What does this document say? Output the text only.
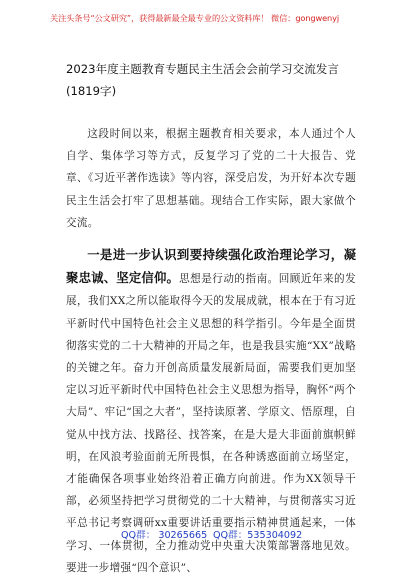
关注头条号“公文研究”，获得最新最全最专业的公文资料库！ 微信：gongwenyj
2023年度主题教育专题民主生活会会前学习交流发言(1819字)

这段时间以来，根据主题教育相关要求，本人通过个人自学、集体学习等方式，反复学习了党的二十大报告、党章、《习近平著作选读》等内容，深受启发，为开好本次专题民主生活会打牢了思想基础。现结合工作实际，跟大家做个交流。

一是进一步认识到要持续强化政治理论学习，凝聚忠诚、坚定信仰。思想是行动的指南。回顾近年来的发展，我们XX之所以能取得今天的发展成就，根本在于有习近平新时代中国特色社会主义思想的科学指引。今年是全面贯彻落实党的二十大精神的开局之年，也是我县实施“XX”战略的关键之年。奋力开创高质量发展新局面，需要我们更加坚定以习近平新时代中国特色社会主义思想为指导，胸怀“两个大局”、牢记“国之大者”，坚持读原著、学原文、悟原理，自觉从中找方法、找路径、找答案，在是大是大非面前旗帜鲜明，在风浪考验面前无所畏惧，在各种诱惑面前立场坚定，才能确保各项事业始终沿着正确方向前进。作为XX领导干部，必须坚持把学习贯彻党的二十大精神，与贯彻落实习近平总书记考察调研xx重要讲话重要指示精神贯通起来，一体学习、一体贯彻，全力推动党中央重大决策部署落地见效。要进一步增强“四个意识”、

QQ群： 30265665 QQ群：535304092
